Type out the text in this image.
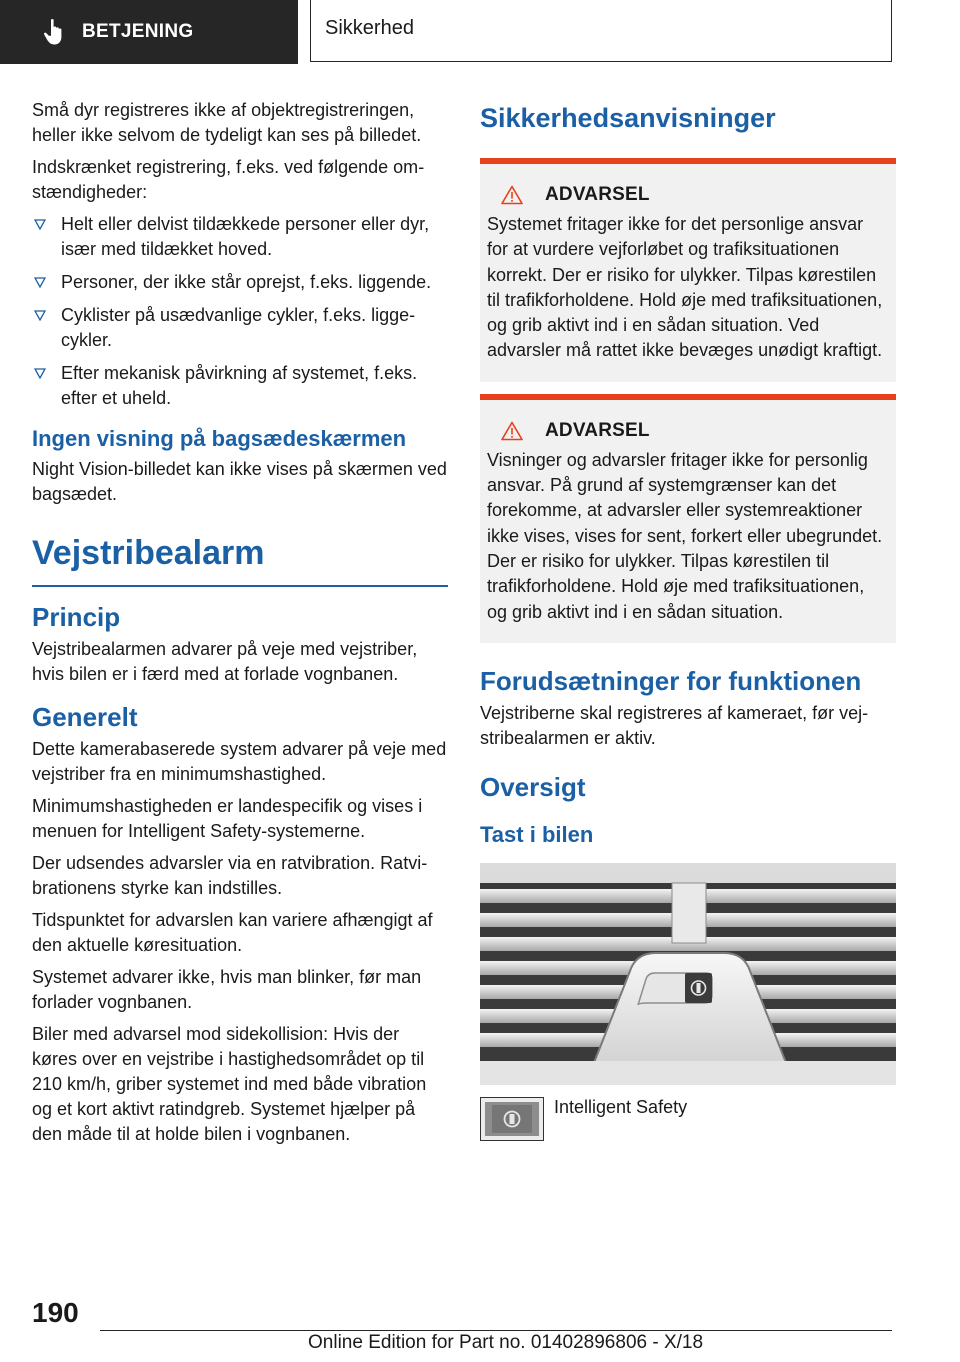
BETJENING	Sikkerhed

Små dyr registreres ikke af objektregistreringen, heller ikke selvom de tydeligt kan ses på billedet.

Indskrænket registrering, f.eks. ved følgende omstændigheder:

Helt eller delvist tildækkede personer eller dyr, især med tildækket hoved.
Personer, der ikke står oprejst, f.eks. liggende.
Cyklister på usædvanlige cykler, f.eks. liggecykler.
Efter mekanisk påvirkning af systemet, f.eks. efter et uheld.
Ingen visning på bagsædeskærmen

Night Vision-billedet kan ikke vises på skærmen ved bagsædet.

Vejstribealarm
Princip

Vejstribealarmen advarer på veje med vejstriber, hvis bilen er i færd med at forlade vognbanen.

Generelt

Dette kamerabaserede system advarer på veje med vejstriber fra en minimumshastighed.

Minimumshastigheden er landespecifik og vises i menuen for Intelligent Safety-systemerne.

Der udsendes advarsler via en ratvibration. Ratvibrationens styrke kan indstilles.

Tidspunktet for advarslen kan variere afhængigt af den aktuelle køresituation.

Systemet advarer ikke, hvis man blinker, før man forlader vognbanen.

Biler med advarsel mod sidekollision: Hvis der køres over en vejstribe i hastighedsområdet op til 210 km/h, griber systemet ind med både vibration og et kort aktivt ratindgreb. Systemet hjælper på den måde til at holde bilen i vognbanen.

Sikkerhedsanvisninger
ADVARSEL

Systemet fritager ikke for det personlige ansvar for at vurdere vejforløbet og trafiksituationen korrekt. Der er risiko for ulykker. Tilpas kørestilen til trafikforholdene. Hold øje med trafiksituationen, og grib aktivt ind i en sådan situation. Ved advarsler må rattet ikke bevæges unødigt kraftigt.

ADVARSEL

Visninger og advarsler fritager ikke for personlig ansvar. På grund af systemgrænser kan det forekomme, at advarsler eller systemreaktioner ikke vises, vises for sent, forkert eller ubegrundet. Der er risiko for ulykker. Tilpas kørestilen til trafikforholdene. Hold øje med trafiksituationen, og grib aktivt ind i en sådan situation.

Forudsætninger for funktionen

Vejstriberne skal registreres af kameraet, før vejstribealarmen er aktiv.

Oversigt
Tast i bilen
Intelligent Safety
190
Online Edition for Part no. 01402896806 - X/18
